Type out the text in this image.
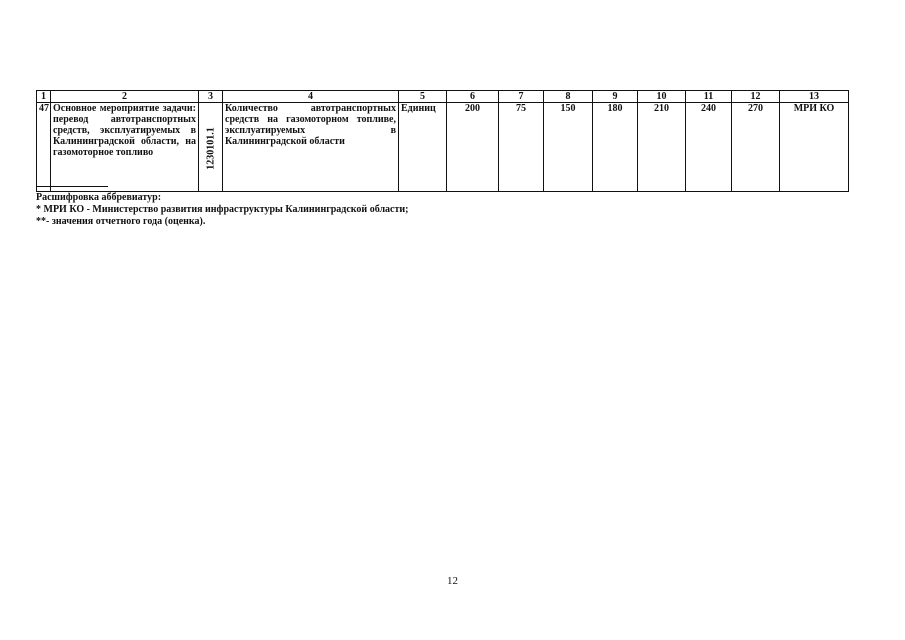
1	2	3	4	5	6	7	8	9	10	11	12	13
47	Основное мероприятие задачи: перевод автотранспортных средств, эксплуатируемых в Калининградской области, на газомоторное топливо	1230101.1	Количество автотранспортных средств на газомоторном топливе, эксплуатируемых в Калининградской области	Единиц	200	75	150	180	210	240	270	МРИ КО
Расшифровка аббревиатур:
* МРИ КО - Министерство развития инфраструктуры Калининградской области;
**- значения отчетного года (оценка).
12
